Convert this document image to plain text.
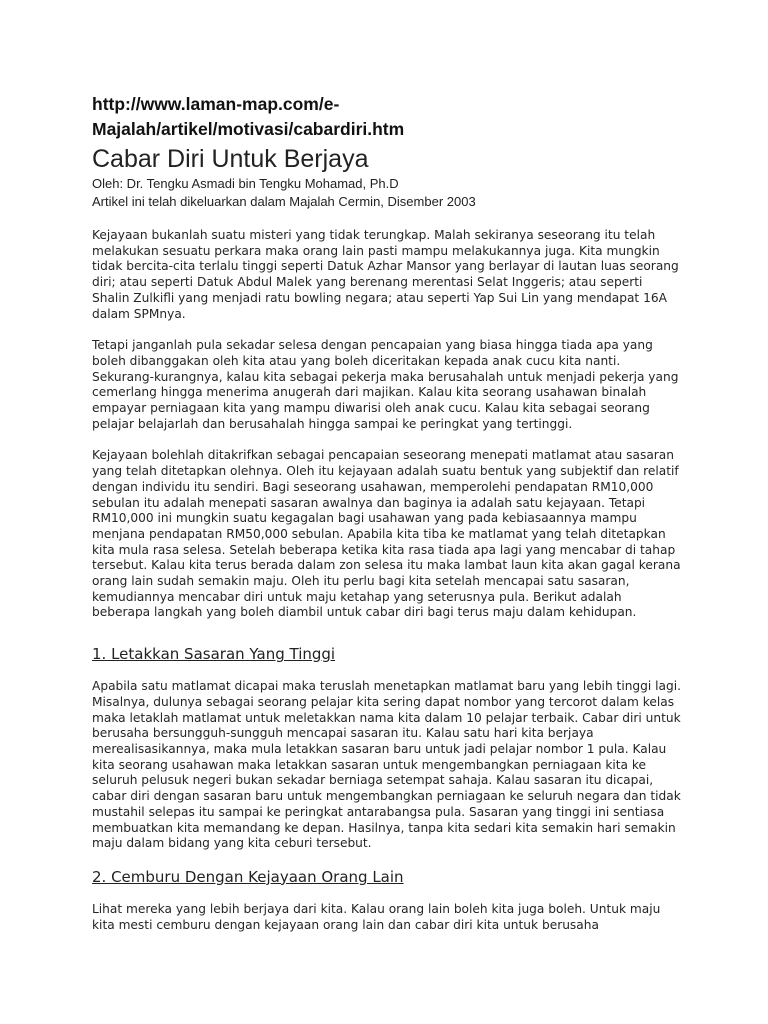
http://www.laman-map.com/e-
Majalah/artikel/motivasi/cabardiri.htm
Cabar Diri Untuk Berjaya

Oleh: Dr. Tengku Asmadi bin Tengku Mohamad, Ph.D

Artikel ini telah dikeluarkan dalam Majalah Cermin, Disember 2003

Kejayaan bukanlah suatu misteri yang tidak terungkap. Malah sekiranya seseorang itu telah melakukan sesuatu perkara maka orang lain pasti mampu melakukannya juga. Kita mungkin tidak bercita-cita terlalu tinggi seperti Datuk Azhar Mansor yang berlayar di lautan luas seorang diri; atau seperti Datuk Abdul Malek yang berenang merentasi Selat Inggeris; atau seperti Shalin Zulkifli yang menjadi ratu bowling negara; atau seperti Yap Sui Lin yang mendapat 16A dalam SPMnya.

Tetapi janganlah pula sekadar selesa dengan pencapaian yang biasa hingga tiada apa yang boleh dibanggakan oleh kita atau yang boleh diceritakan kepada anak cucu kita nanti. Sekurang-kurangnya, kalau kita sebagai pekerja maka berusahalah untuk menjadi pekerja yang cemerlang hingga menerima anugerah dari majikan. Kalau kita seorang usahawan binalah empayar perniagaan kita yang mampu diwarisi oleh anak cucu. Kalau kita sebagai seorang pelajar belajarlah dan berusahalah hingga sampai ke peringkat yang tertinggi.

Kejayaan bolehlah ditakrifkan sebagai pencapaian seseorang menepati matlamat atau sasaran yang telah ditetapkan olehnya. Oleh itu kejayaan adalah suatu bentuk yang subjektif dan relatif dengan individu itu sendiri. Bagi seseorang usahawan, memperolehi pendapatan RM10,000 sebulan itu adalah menepati sasaran awalnya dan baginya ia adalah satu kejayaan. Tetapi RM10,000 ini mungkin suatu kegagalan bagi usahawan yang pada kebiasaannya mampu menjana pendapatan RM50,000 sebulan. Apabila kita tiba ke matlamat yang telah ditetapkan kita mula rasa selesa. Setelah beberapa ketika kita rasa tiada apa lagi yang mencabar di tahap tersebut. Kalau kita terus berada dalam zon selesa itu maka lambat laun kita akan gagal kerana orang lain sudah semakin maju. Oleh itu perlu bagi kita setelah mencapai satu sasaran, kemudiannya mencabar diri untuk maju ketahap yang seterusnya pula. Berikut adalah beberapa langkah yang boleh diambil untuk cabar diri bagi terus maju dalam kehidupan.

1. Letakkan Sasaran Yang Tinggi

Apabila satu matlamat dicapai maka teruslah menetapkan matlamat baru yang lebih tinggi lagi. Misalnya, dulunya sebagai seorang pelajar kita sering dapat nombor yang tercorot dalam kelas maka letaklah matlamat untuk meletakkan nama kita dalam 10 pelajar terbaik. Cabar diri untuk berusaha bersungguh-sungguh mencapai sasaran itu. Kalau satu hari kita berjaya merealisasikannya, maka mula letakkan sasaran baru untuk jadi pelajar nombor 1 pula. Kalau kita seorang usahawan maka letakkan sasaran untuk mengembangkan perniagaan kita ke seluruh pelusuk negeri bukan sekadar berniaga setempat sahaja. Kalau sasaran itu dicapai, cabar diri dengan sasaran baru untuk mengembangkan perniagaan ke seluruh negara dan tidak mustahil selepas itu sampai ke peringkat antarabangsa pula. Sasaran yang tinggi ini sentiasa membuatkan kita memandang ke depan. Hasilnya, tanpa kita sedari kita semakin hari semakin maju dalam bidang yang kita ceburi tersebut.

2. Cemburu Dengan Kejayaan Orang Lain

Lihat mereka yang lebih berjaya dari kita. Kalau orang lain boleh kita juga boleh. Untuk maju kita mesti cemburu dengan kejayaan orang lain dan cabar diri kita untuk berusaha
